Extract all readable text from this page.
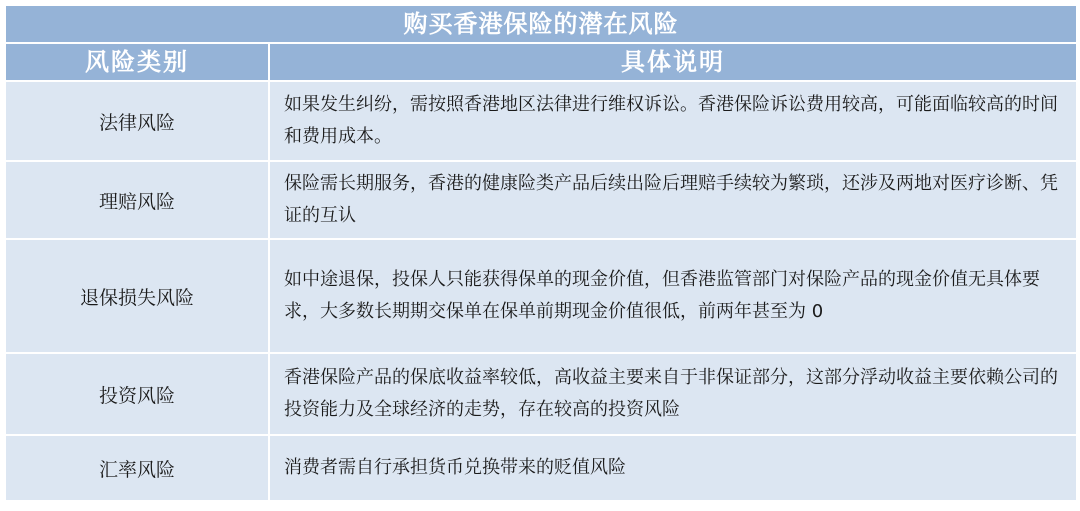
购买香港保险的潜在风险	
风险类别	具体说明
法律风险	如果发生纠纷，需按照香港地区法律进行维权诉讼。香港保险诉讼费用较高，可能面临较高的时间和费用成本。
理赔风险	保险需长期服务，香港的健康险类产品后续出险后理赔手续较为繁琐，还涉及两地对医疗诊断、凭证的互认
退保损失风险	如中途退保，投保人只能获得保单的现金价值，但香港监管部门对保险产品的现金价值无具体要求，大多数长期期交保单在保单前期现金价值很低，前两年甚至为 0
投资风险	香港保险产品的保底收益率较低，高收益主要来自于非保证部分，这部分浮动收益主要依赖公司的投资能力及全球经济的走势，存在较高的投资风险
汇率风险	消费者需自行承担货币兑换带来的贬值风险
